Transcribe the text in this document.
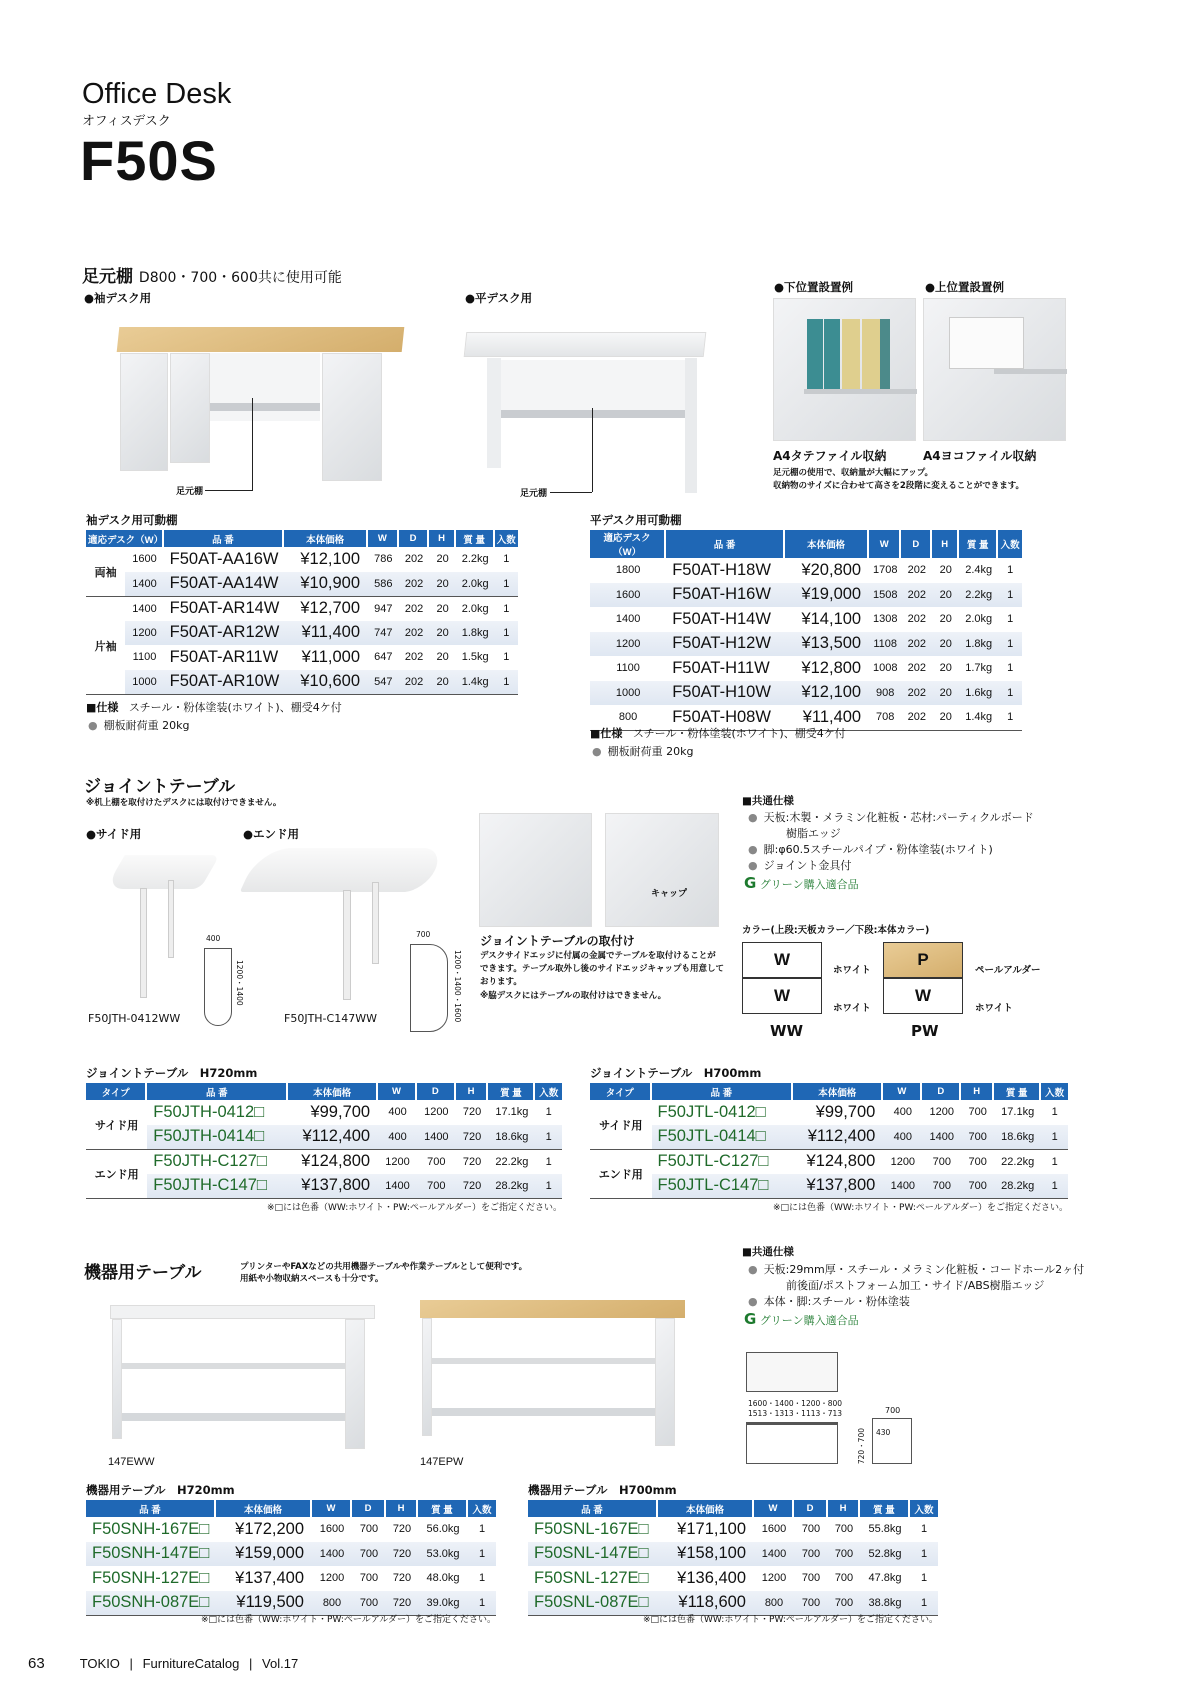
Office Desk
オフィスデスク
F50S
足元棚 D800・700・600共に使用可能
●袖デスク用	●平デスク用
足元棚	足元棚
●下位置設置例	●上位置設置例
A4タテファイル収納	A4ヨコファイル収納
足元棚の使用で、収納量が大幅にアップ。
収納物のサイズに合わせて高さを2段階に変えることができます。
袖デスク用可動棚
適応デスク（W）		品 番	本体価格	W	D	H	質 量	入数
両袖	1600	F50AT-AA16W	¥12,100	786	202	20	2.2kg	1
	1400	F50AT-AA14W	¥10,900	586	202	20	2.0kg	1
片袖	1400	F50AT-AR14W	¥12,700	947	202	20	2.0kg	1
	1200	F50AT-AR12W	¥11,400	747	202	20	1.8kg	1
	1100	F50AT-AR11W	¥11,000	647	202	20	1.5kg	1
	1000	F50AT-AR10W	¥10,600	547	202	20	1.4kg	1
■仕様 スチール・粉体塗装(ホワイト)、棚受4ケ付
● 棚板耐荷重 20kg
平デスク用可動棚
適応デスク（W）	品 番	本体価格	W	D	H	質 量	入数
1800	F50AT-H18W	¥20,800	1708	202	20	2.4kg	1
1600	F50AT-H16W	¥19,000	1508	202	20	2.2kg	1
1400	F50AT-H14W	¥14,100	1308	202	20	2.0kg	1
1200	F50AT-H12W	¥13,500	1108	202	20	1.8kg	1
1100	F50AT-H11W	¥12,800	1008	202	20	1.7kg	1
1000	F50AT-H10W	¥12,100	908	202	20	1.6kg	1
800	F50AT-H08W	¥11,400	708	202	20	1.4kg	1
■仕様 スチール・粉体塗装(ホワイト)、棚受4ケ付
● 棚板耐荷重 20kg
ジョイントテーブル
※机上棚を取付けたデスクには取付けできません。
●サイド用	●エンド用
400
1200・1400
F50JTH-0412WW
700
1200・1400・1600
F50JTH-C147WW
キャップ
ジョイントテーブルの取付け
デスクサイドエッジに付属の金属でテーブルを取付けることができます。テーブル取外し後のサイドエッジキャップも用意しております。
※脇デスクにはテーブルの取付けはできません。
■共通仕様
● 天板:木製・メラミン化粧板・芯材:パーティクルボード
樹脂エッジ
● 脚:φ60.5スチールパイプ・粉体塗装(ホワイト)
● ジョイント金具付
G グリーン購入適合品
カラー(上段:天板カラー／下段:本体カラー)
W
W
ホワイト
ホワイト
WW
P
W
ペールアルダー
ホワイト
PW
ジョイントテーブル　H720mm
タイプ	品 番	本体価格	W	D	H	質 量	入数
サイド用	F50JTH-0412□	¥99,700	400	1200	720	17.1kg	1
	F50JTH-0414□	¥112,400	400	1400	720	18.6kg	1
エンド用	F50JTH-C127□	¥124,800	1200	700	720	22.2kg	1
	F50JTH-C147□	¥137,800	1400	700	720	28.2kg	1
※□には色番（WW:ホワイト・PW:ペールアルダー）をご指定ください。
ジョイントテーブル　H700mm
タイプ	品 番	本体価格	W	D	H	質 量	入数
サイド用	F50JTL-0412□	¥99,700	400	1200	700	17.1kg	1
	F50JTL-0414□	¥112,400	400	1400	700	18.6kg	1
エンド用	F50JTL-C127□	¥124,800	1200	700	700	22.2kg	1
	F50JTL-C147□	¥137,800	1400	700	700	28.2kg	1
※□には色番（WW:ホワイト・PW:ペールアルダー）をご指定ください。
機器用テーブル	プリンターやFAXなどの共用機器テーブルや作業テーブルとして便利です。
用紙や小物収納スペースも十分です。
147EWW	147EPW
■共通仕様
● 天板:29mm厚・スチール・メラミン化粧板・コードホール2ヶ付
前後面/ポストフォーム加工・サイド/ABS樹脂エッジ
● 本体・脚:スチール・粉体塗装
G グリーン購入適合品
1600・1400・1200・800
1513・1313・1113・713	700
430
720・700
機器用テーブル　H720mm
品 番	本体価格	W	D	H	質 量	入数
F50SNH-167E□	¥172,200	1600	700	720	56.0kg	1
F50SNH-147E□	¥159,000	1400	700	720	53.0kg	1
F50SNH-127E□	¥137,400	1200	700	720	48.0kg	1
F50SNH-087E□	¥119,500	800	700	720	39.0kg	1
※□には色番（WW:ホワイト・PW:ペールアルダー）をご指定ください。
機器用テーブル　H700mm
品 番	本体価格	W	D	H	質 量	入数
F50SNL-167E□	¥171,100	1600	700	700	55.8kg	1
F50SNL-147E□	¥158,100	1400	700	700	52.8kg	1
F50SNL-127E□	¥136,400	1200	700	700	47.8kg	1
F50SNL-087E□	¥118,600	800	700	700	38.8kg	1
※□には色番（WW:ホワイト・PW:ペールアルダー）をご指定ください。
63	TOKIO | FurnitureCatalog | Vol.17
